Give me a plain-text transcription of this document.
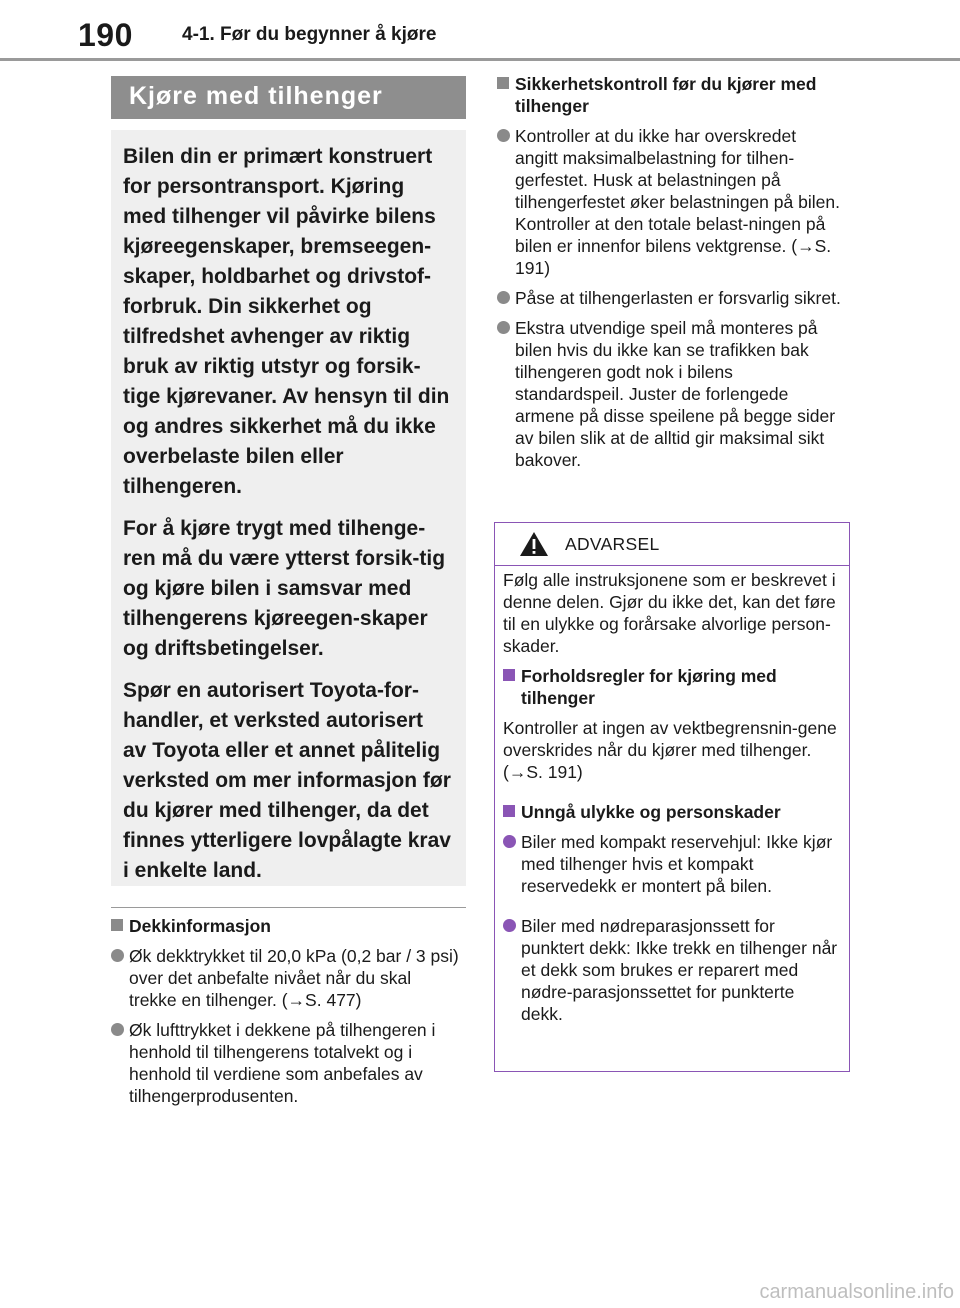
190	4-1. Før du begynner å kjøre
Kjøre med tilhenger

Bilen din er primært konstruert for persontransport. Kjøring med tilhenger vil påvirke bilens kjøreegenskaper, bremseegen-skaper, holdbarhet og drivstof-forbruk. Din sikkerhet og tilfredshet avhenger av riktig bruk av riktig utstyr og forsik-tige kjørevaner. Av hensyn til din og andres sikkerhet må du ikke overbelaste bilen eller tilhengeren.

For å kjøre trygt med tilhenge-ren må du være ytterst forsik-tig og kjøre bilen i samsvar med tilhengerens kjøreegen-skaper og driftsbetingelser.

Spør en autorisert Toyota-for-handler, et verksted autorisert av Toyota eller et annet pålitelig verksted om mer informasjon før du kjører med tilhenger, da det finnes ytterligere lovpålagte krav i enkelte land.

Dekkinformasjon

Øk dekktrykket til 20,0 kPa (0,2 bar / 3 psi) over det anbefalte nivået når du skal trekke en tilhenger. (→S. 477)

Øk lufttrykket i dekkene på tilhengeren i henhold til tilhengerens totalvekt og i henhold til verdiene som anbefales av tilhengerprodusenten.

Sikkerhetskontroll før du kjører med tilhenger

Kontroller at du ikke har overskredet angitt maksimalbelastning for tilhen-gerfestet. Husk at belastningen på tilhengerfestet øker belastningen på bilen. Kontroller at den totale belast-ningen på bilen er innenfor bilens vektgrense. (→S. 191)

Påse at tilhengerlasten er forsvarlig sikret.

Ekstra utvendige speil må monteres på bilen hvis du ikke kan se trafikken bak tilhengeren godt nok i bilens standardspeil. Juster de forlengede armene på disse speilene på begge sider av bilen slik at de alltid gir maksimal sikt bakover.

ADVARSEL

Følg alle instruksjonene som er beskrevet i denne delen. Gjør du ikke det, kan det føre til en ulykke og forårsake alvorlige person-skader.

Forholdsregler for kjøring med tilhenger

Kontroller at ingen av vektbegrensnin-gene overskrides når du kjører med tilhenger. (→S. 191)

Unngå ulykke og personskader

Biler med kompakt reservehjul: Ikke kjør med tilhenger hvis et kompakt reservedekk er montert på bilen.

Biler med nødreparasjonssett for punktert dekk: Ikke trekk en tilhenger når et dekk som brukes er reparert med nødre-parasjonssettet for punkterte dekk.

carmanualsonline.info
